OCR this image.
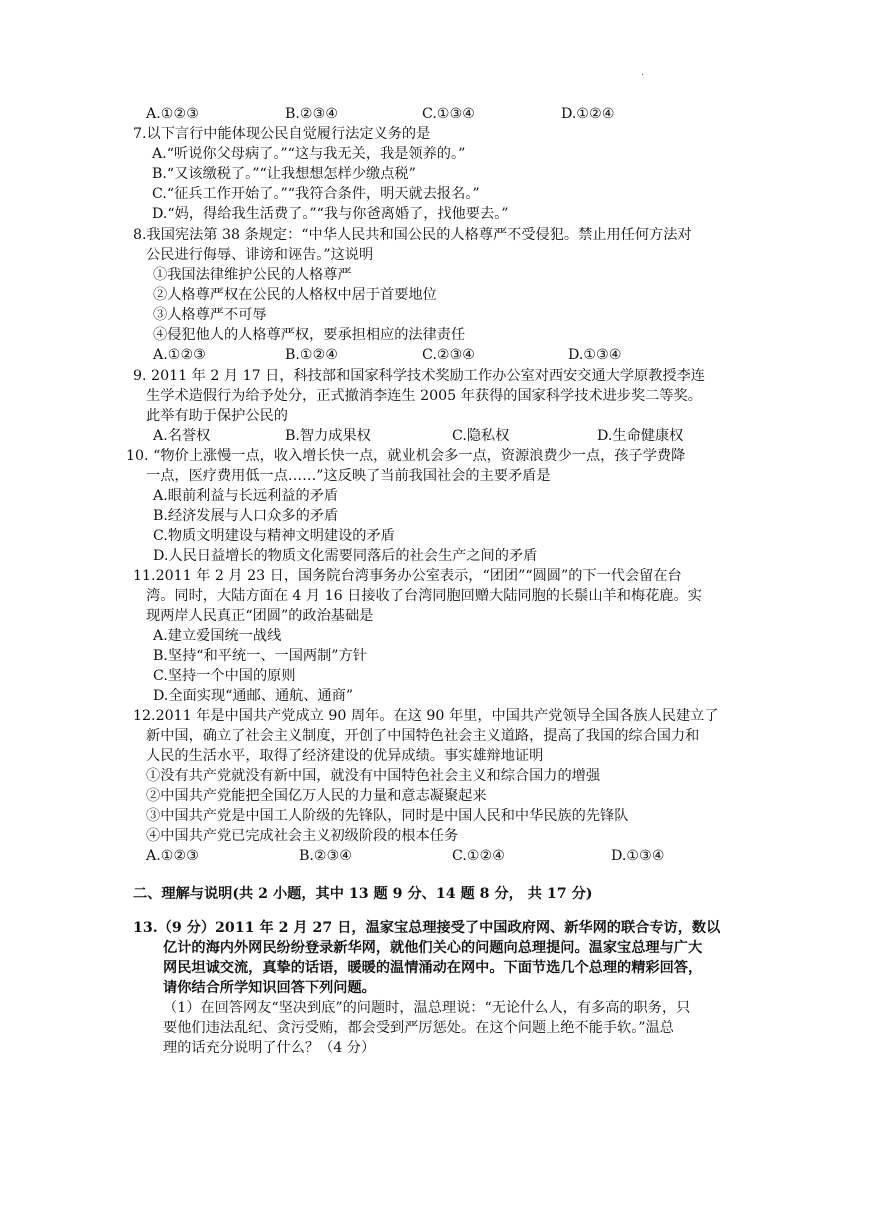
·
A.①②③	B.②③④	C.①③④	D.①②④
7.以下言行中能体现公民自觉履行法定义务的是
A.“听说你父母病了。”“这与我无关，我是领养的。”
B.“又该缴税了。”“让我想想怎样少缴点税”
C.“征兵工作开始了。”“我符合条件，明天就去报名。”
D.“妈，得给我生活费了。”“我与你爸离婚了，找他要去。”
8.我国宪法第 38 条规定：“中华人民共和国公民的人格尊严不受侵犯。禁止用任何方法对
公民进行侮辱、诽谤和诬告。”这说明
①我国法律维护公民的人格尊严
②人格尊严权在公民的人格权中居于首要地位
③人格尊严不可辱
④侵犯他人的人格尊严权，要承担相应的法律责任
A.①②③	B.①②④	C.②③④	D.①③④
9. 2011 年 2 月 17 日，科技部和国家科学技术奖励工作办公室对西安交通大学原教授李连
生学术造假行为给予处分，正式撤消李连生 2005 年获得的国家科学技术进步奖二等奖。
此举有助于保护公民的
A.名誉权	B.智力成果权	C.隐私权	D.生命健康权
10. “物价上涨慢一点，收入增长快一点，就业机会多一点，资源浪费少一点，孩子学费降
一点，医疗费用低一点……”这反映了当前我国社会的主要矛盾是
A.眼前利益与长远利益的矛盾
B.经济发展与人口众多的矛盾
C.物质文明建设与精神文明建设的矛盾
D.人民日益增长的物质文化需要同落后的社会生产之间的矛盾
11.2011 年 2 月 23 日，国务院台湾事务办公室表示，“团团”“圆圆”的下一代会留在台
湾。同时，大陆方面在 4 月 16 日接收了台湾同胞回赠大陆同胞的长鬃山羊和梅花鹿。实
现两岸人民真正“团圆”的政治基础是
A.建立爱国统一战线
B.坚持“和平统一、一国两制”方针
C.坚持一个中国的原则
D.全面实现“通邮、通航、通商”
12.2011 年是中国共产党成立 90 周年。在这 90 年里，中国共产党领导全国各族人民建立了
新中国，确立了社会主义制度，开创了中国特色社会主义道路，提高了我国的综合国力和
人民的生活水平，取得了经济建设的优异成绩。事实雄辩地证明
①没有共产党就没有新中国，就没有中国特色社会主义和综合国力的增强
②中国共产党能把全国亿万人民的力量和意志凝聚起来
③中国共产党是中国工人阶级的先锋队，同时是中国人民和中华民族的先锋队
④中国共产党已完成社会主义初级阶段的根本任务
A.①②③	B.②③④	C.①②④	D.①③④
二、理解与说明(共 2 小题，其中 13 题 9 分、14 题 8 分， 共 17 分)
13.（9 分）2011 年 2 月 27 日，温家宝总理接受了中国政府网、新华网的联合专访，数以
亿计的海内外网民纷纷登录新华网，就他们关心的问题向总理提问。温家宝总理与广大
网民坦诚交流，真挚的话语，暖暖的温情涌动在网中。下面节选几个总理的精彩回答，
请你结合所学知识回答下列问题。
（1）在回答网友“坚决到底”的问题时，温总理说：“无论什么人，有多高的职务，只
要他们违法乱纪、贪污受贿，都会受到严厉惩处。在这个问题上绝不能手软。”温总
理的话充分说明了什么？（4 分）
